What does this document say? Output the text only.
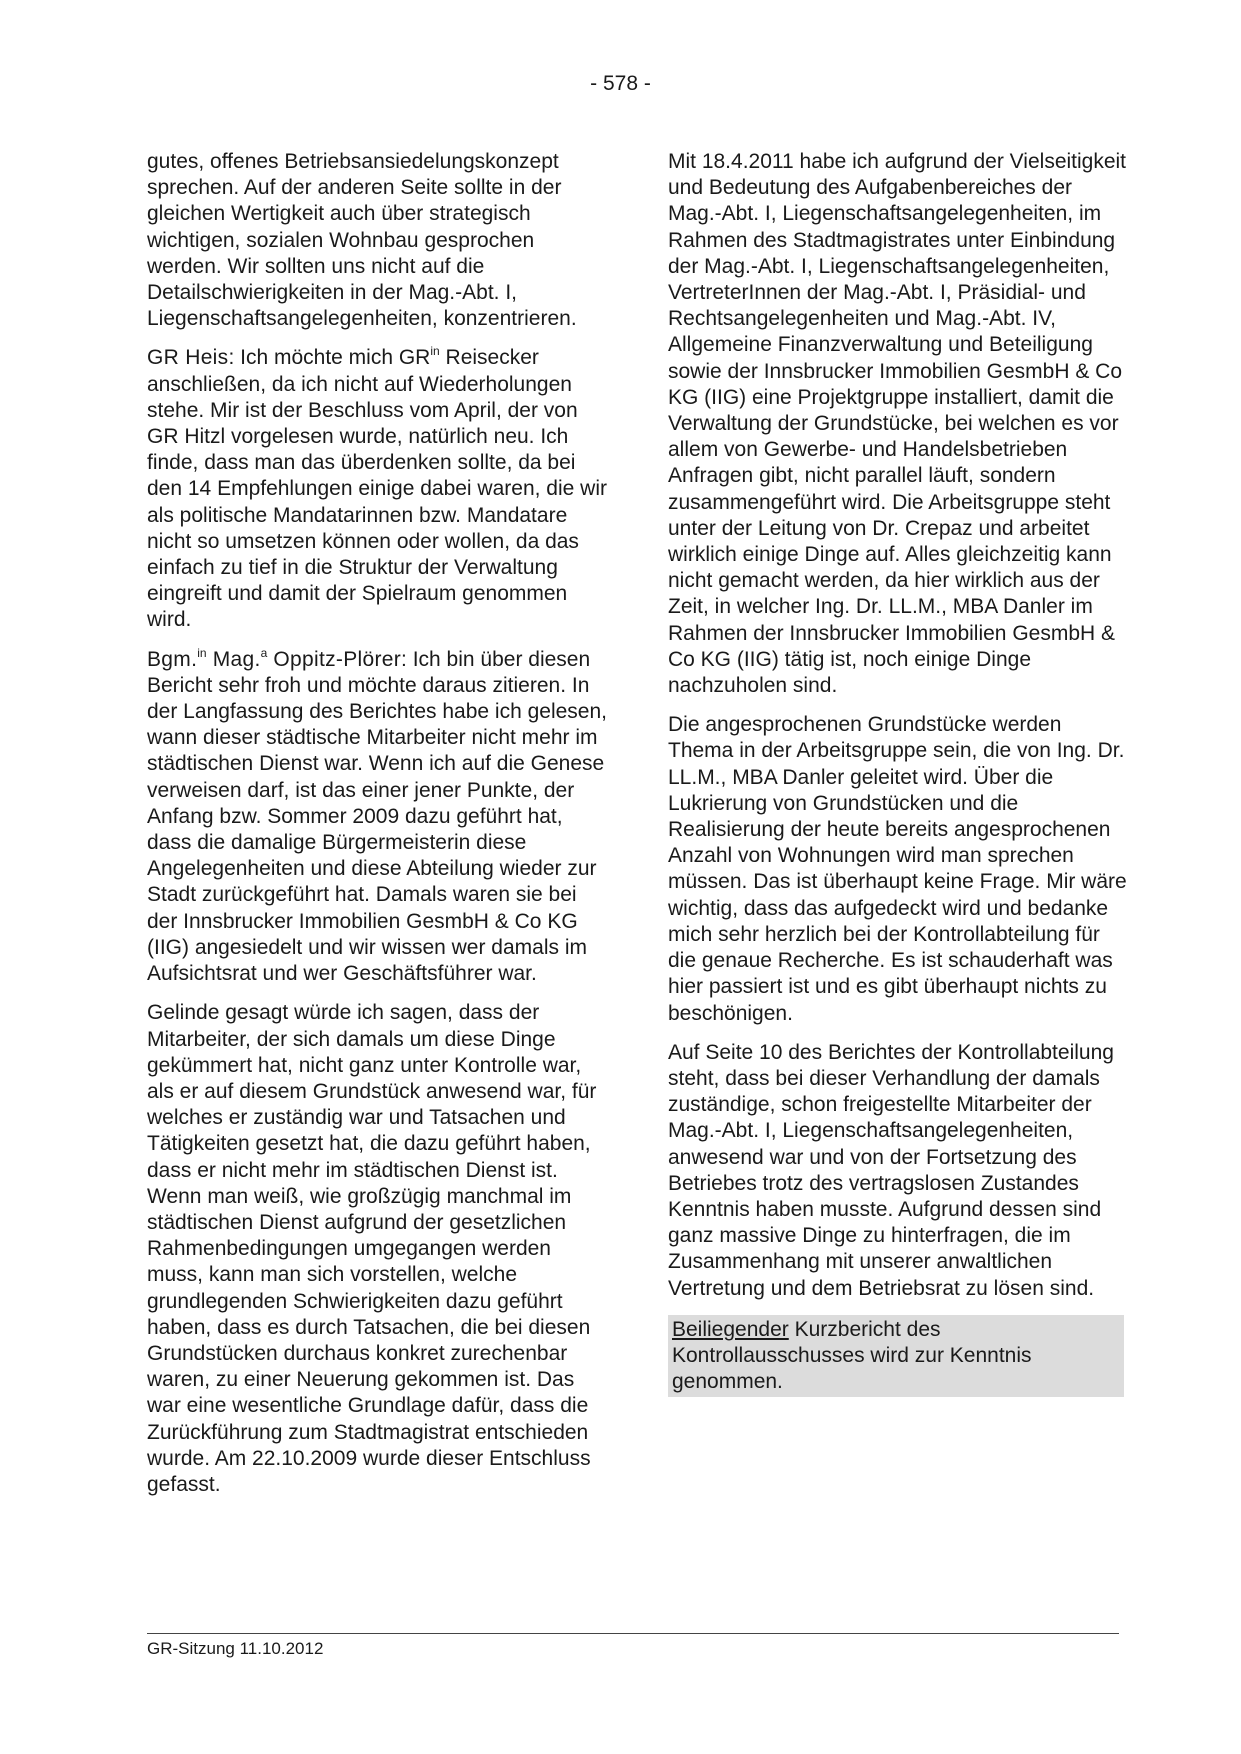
- 578 -

gutes, offenes Betriebsansiedelungskonzept sprechen. Auf der anderen Seite sollte in der gleichen Wertigkeit auch über strategisch wichtigen, sozialen Wohnbau gesprochen werden. Wir sollten uns nicht auf die Detailschwierigkeiten in der Mag.-Abt. I, Liegenschaftsangelegenheiten, konzentrieren.

GR Heis: Ich möchte mich $GR^{in}$ Reisecker anschließen, da ich nicht auf Wiederholungen stehe. Mir ist der Beschluss vom April, der von GR Hitzl vorgelesen wurde, natürlich neu. Ich finde, dass man das überdenken sollte, da bei den 14 Empfehlungen einige dabei waren, die wir als politische Mandatarinnen bzw. Mandatare nicht so umsetzen können oder wollen, da das einfach zu tief in die Struktur der Verwaltung eingreift und damit der Spielraum genommen wird.

Bgm.$^{in}$ Mag.$^a$ Oppitz-Plörer: Ich bin über diesen Bericht sehr froh und möchte daraus zitieren. In der Langfassung des Berichtes habe ich gelesen, wann dieser städtische Mitarbeiter nicht mehr im städtischen Dienst war. Wenn ich auf die Genese verweisen darf, ist das einer jener Punkte, der Anfang bzw. Sommer 2009 dazu geführt hat, dass die damalige Bürgermeisterin diese Angelegenheiten und diese Abteilung wieder zur Stadt zurückgeführt hat. Damals waren sie bei der Innsbrucker Immobilien GesmbH & Co KG (IIG) angesiedelt und wir wissen wer damals im Aufsichtsrat und wer Geschäftsführer war.

Gelinde gesagt würde ich sagen, dass der Mitarbeiter, der sich damals um diese Dinge gekümmert hat, nicht ganz unter Kontrolle war, als er auf diesem Grundstück anwesend war, für welches er zuständig war und Tatsachen und Tätigkeiten gesetzt hat, die dazu geführt haben, dass er nicht mehr im städtischen Dienst ist. Wenn man weiß, wie großzügig manchmal im städtischen Dienst aufgrund der gesetzlichen Rahmenbedingungen umgegangen werden muss, kann man sich vorstellen, welche grundlegenden Schwierigkeiten dazu geführt haben, dass es durch Tatsachen, die bei diesen Grundstücken durchaus konkret zurechenbar waren, zu einer Neuerung gekommen ist. Das war eine wesentliche Grundlage dafür, dass die Zurückführung zum Stadtmagistrat entschieden wurde. Am 22.10.2009 wurde dieser Entschluss gefasst.

Mit 18.4.2011 habe ich aufgrund der Vielseitigkeit und Bedeutung des Aufgabenbereiches der Mag.-Abt. I, Liegenschaftsangelegenheiten, im Rahmen des Stadtmagistrates unter Einbindung der Mag.-Abt. I, Liegenschaftsangelegenheiten, VertreterInnen der Mag.-Abt. I, Präsidial- und Rechtsangelegenheiten und Mag.-Abt. IV, Allgemeine Finanzverwaltung und Beteiligung sowie der Innsbrucker Immobilien GesmbH & Co KG (IIG) eine Projektgruppe installiert, damit die Verwaltung der Grundstücke, bei welchen es vor allem von Gewerbe- und Handelsbetrieben Anfragen gibt, nicht parallel läuft, sondern zusammengeführt wird. Die Arbeitsgruppe steht unter der Leitung von Dr. Crepaz und arbeitet wirklich einige Dinge auf. Alles gleichzeitig kann nicht gemacht werden, da hier wirklich aus der Zeit, in welcher Ing. Dr. LL.M., MBA Danler im Rahmen der Innsbrucker Immobilien GesmbH & Co KG (IIG) tätig ist, noch einige Dinge nachzuholen sind.

Die angesprochenen Grundstücke werden Thema in der Arbeitsgruppe sein, die von Ing. Dr. LL.M., MBA Danler geleitet wird. Über die Lukrierung von Grundstücken und die Realisierung der heute bereits angesprochenen Anzahl von Wohnungen wird man sprechen müssen. Das ist überhaupt keine Frage. Mir wäre wichtig, dass das aufgedeckt wird und bedanke mich sehr herzlich bei der Kontrollabteilung für die genaue Recherche. Es ist schauderhaft was hier passiert ist und es gibt überhaupt nichts zu beschönigen.

Auf Seite 10 des Berichtes der Kontrollabteilung steht, dass bei dieser Verhandlung der damals zuständige, schon freigestellte Mitarbeiter der Mag.-Abt. I, Liegenschaftsangelegenheiten, anwesend war und von der Fortsetzung des Betriebes trotz des vertragslosen Zustandes Kenntnis haben musste. Aufgrund dessen sind ganz massive Dinge zu hinterfragen, die im Zusammenhang mit unserer anwaltlichen Vertretung und dem Betriebsrat zu lösen sind.

Beiliegender Kurzbericht des Kontrollausschusses wird zur Kenntnis genommen.

GR-Sitzung 11.10.2012
